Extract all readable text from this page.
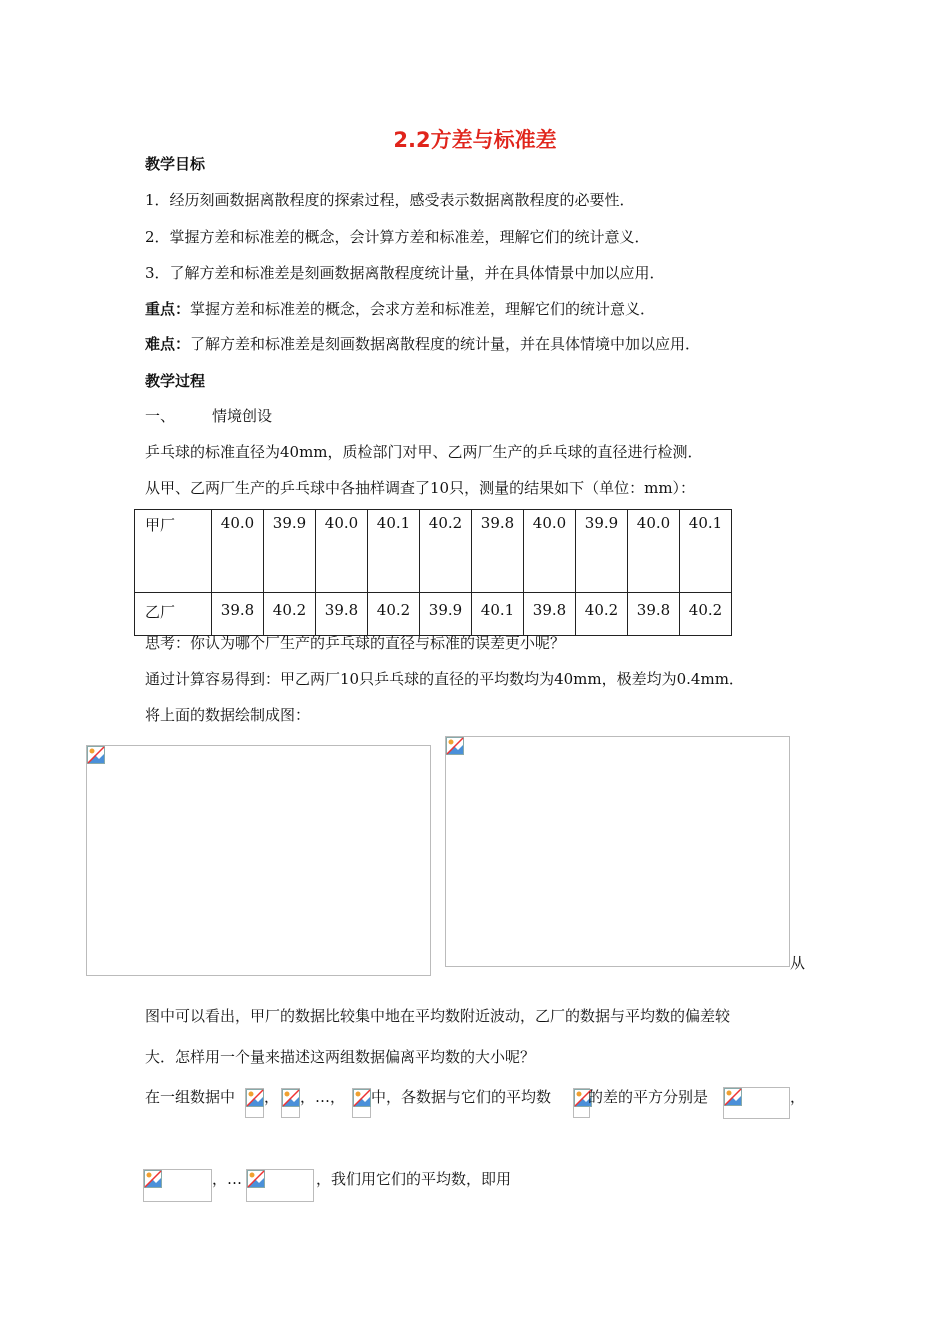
2.2方差与标准差
教学目标
1．经历刻画数据离散程度的探索过程，感受表示数据离散程度的必要性．
2．掌握方差和标准差的概念，会计算方差和标准差，理解它们的统计意义．
3．了解方差和标准差是刻画数据离散程度统计量，并在具体情景中加以应用．
重点：掌握方差和标准差的概念，会求方差和标准差，理解它们的统计意义．
难点：了解方差和标准差是刻画数据离散程度的统计量，并在具体情境中加以应用．
教学过程
一、 情境创设
乒乓球的标准直径为40mm，质检部门对甲、乙两厂生产的乒乓球的直径进行检测．
从甲、乙两厂生产的乒乓球中各抽样调查了10只，测量的结果如下（单位：mm）：
甲厂	40.0	39.9	40.0	40.1	40.2	39.8	40.0	39.9	40.0	40.1
乙厂	39.8	40.2	39.8	40.2	39.9	40.1	39.8	40.2	39.8	40.2
思考：你认为哪个厂生产的乒乓球的直径与标准的误差更小呢？
通过计算容易得到：甲乙两厂10只乒乓球的直径的平均数均为40mm，极差均为0.4mm．
将上面的数据绘制成图：
从
图中可以看出，甲厂的数据比较集中地在平均数附近波动，乙厂的数据与平均数的偏差较
大．怎样用一个量来描述这两组数据偏离平均数的大小呢？
在一组数据中 ， ，…， 中，各数据与它们的平均数 的差的平方分别是	，
，…	，我们用它们的平均数，即用
